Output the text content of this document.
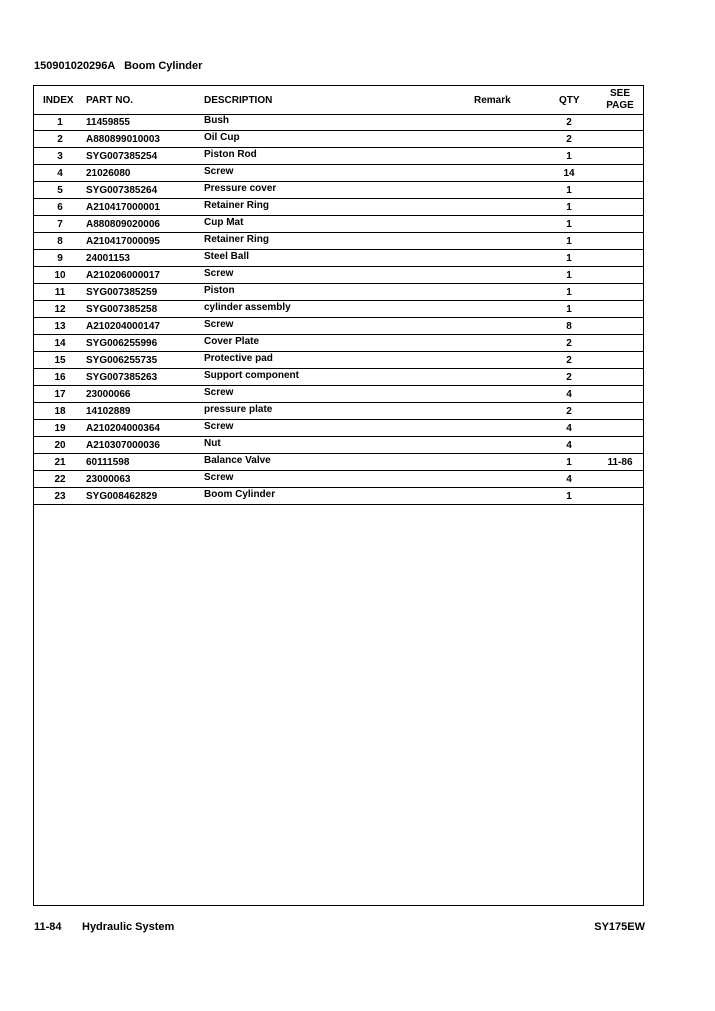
150901020296A   Boom Cylinder
INDEX PART NO.	DESCRIPTION	Remark	QTY
SEE
PAGE
1	11459855	Bush	2
2	A880899010003	Oil Cup	2
3	SYG007385254	Piston Rod	1
4	21026080	Screw	14
5	SYG007385264	Pressure cover	1
6	A210417000001	Retainer Ring	1
7	A880809020006	Cup Mat	1
8	A210417000095	Retainer Ring	1
9	24001153	Steel Ball	1
10	A210206000017	Screw	1
11	SYG007385259	Piston	1
12	SYG007385258	cylinder assembly	1
13	A210204000147	Screw	8
14	SYG006255996	Cover Plate	2
15	SYG006255735	Protective pad	2
16	SYG007385263	Support component	2
17	23000066	Screw	4
18	14102889	pressure plate	2
19	A210204000364	Screw	4
20	A210307000036	Nut	4
21	60111598	Balance Valve	1	11-86
22	23000063	Screw	4
23	SYG008462829	Boom Cylinder	1
11-84 Hydraulic System	SY175EW
